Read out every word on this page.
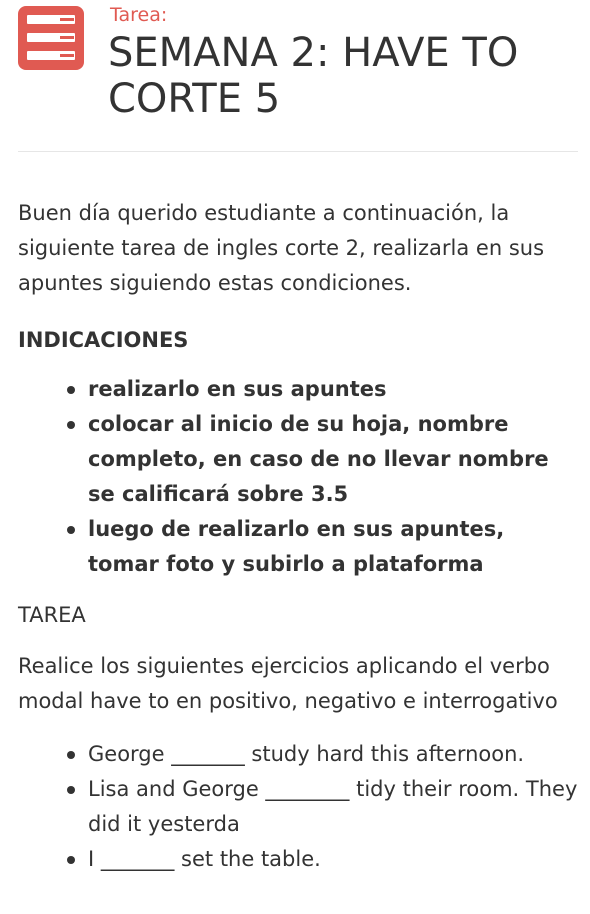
Tarea:
SEMANA 2: HAVE TO CORTE 5

Buen día querido estudiante a continuación, la siguiente tarea de ingles corte 2, realizarla en sus apuntes siguiendo estas condiciones.

INDICACIONES
realizarlo en sus apuntes
colocar al inicio de su hoja, nombre completo, en caso de no llevar nombre se calificará sobre 3.5
luego de realizarlo en sus apuntes, tomar foto y subirlo a plataforma
TAREA

Realice los siguientes ejercicios aplicando el verbo modal have to en positivo, negativo e interrogativo

George _______ study hard this afternoon.
Lisa and George ________ tidy their room. They did it yesterda
I _______ set the table.
